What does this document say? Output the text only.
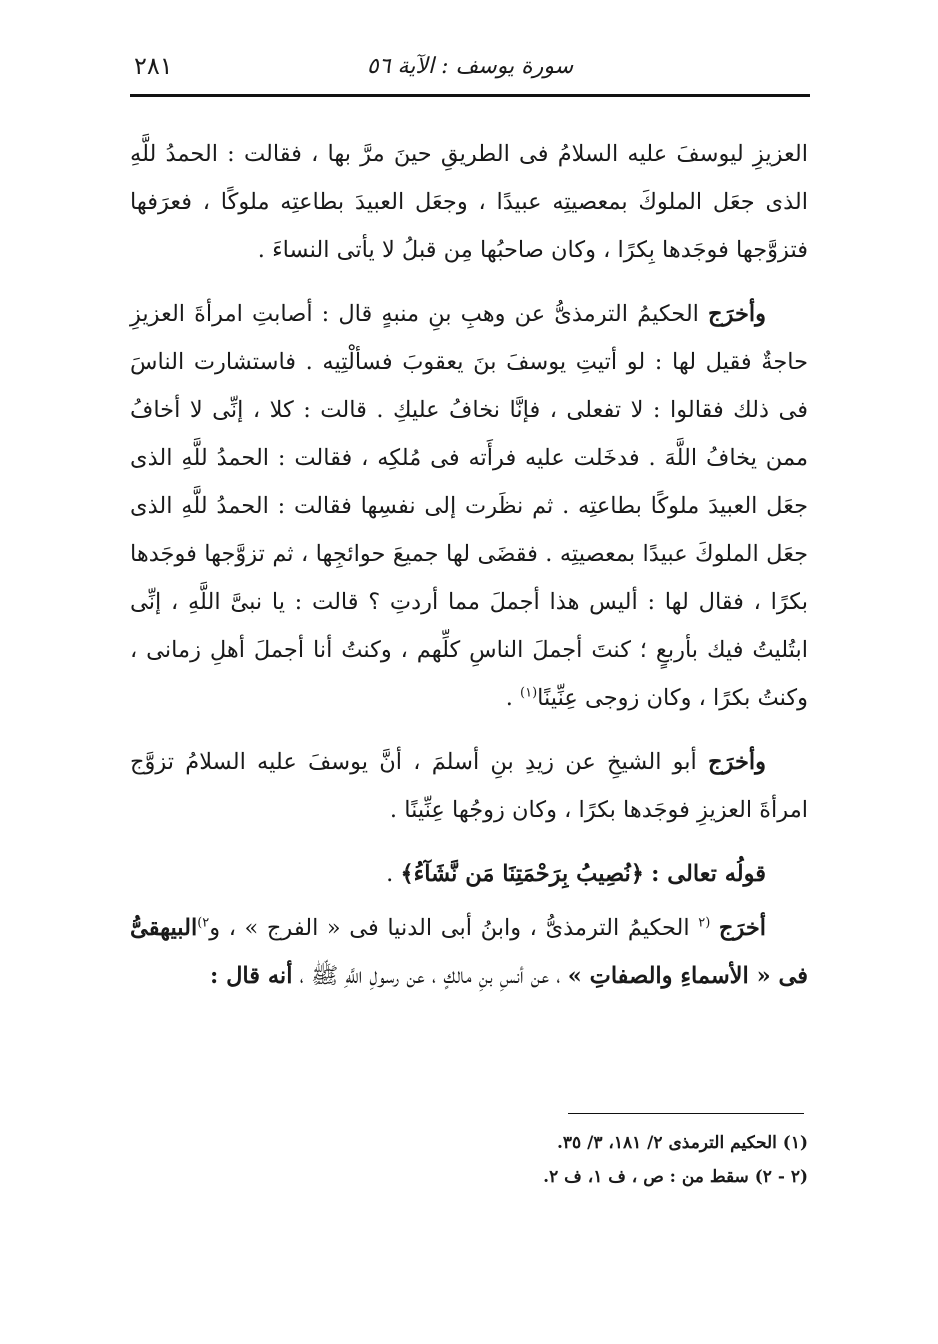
سورة يوسف : الآية ٥٦
٢٨١

العزيزِ ليوسفَ عليه السلامُ فى الطريقِ حينَ مرَّ بها ، فقالت : الحمدُ للَّهِ الذى جعَل الملوكَ بمعصيتِه عبيدًا ، وجعَل العبيدَ بطاعتِه ملوكًا ، فعرَفها فتزوَّجها فوجَدها بِكرًا ، وكان صاحبُها مِن قبلُ لا يأتى النساءَ .

وأخرَج الحكيمُ الترمذىُّ عن وهبِ بنِ منبهٍ قال : أصابتِ امرأةَ العزيزِ حاجةٌ فقيل لها : لو أتيتِ يوسفَ بنَ يعقوبَ فسألْتِيه . فاستشارت الناسَ فى ذلك فقالوا : لا تفعلى ، فإنَّا نخافُ عليكِ . قالت : كلا ، إنِّى لا أخافُ ممن يخافُ اللَّهَ . فدخَلت عليه فرأَته فى مُلكِه ، فقالت : الحمدُ للَّهِ الذى جعَل العبيدَ ملوكًا بطاعتِه . ثم نظَرت إلى نفسِها فقالت : الحمدُ للَّهِ الذى جعَل الملوكَ عبيدًا بمعصيتِه . فقضَى لها جميعَ حوائجِها ، ثم تزوَّجها فوجَدها بكرًا ، فقال لها : أليس هذا أجملَ مما أردتِ ؟ قالت : يا نبىَّ اللَّهِ ، إنِّى ابتُليتُ فيك بأربعٍ ؛ كنتَ أجملَ الناسِ كلِّهم ، وكنتُ أنا أجملَ أهلِ زمانى ، وكنتُ بكرًا ، وكان زوجى عِنِّينًا$^{(١)}$ .

وأخرَج أبو الشيخِ عن زيدِ بنِ أسلمَ ، أنَّ يوسفَ عليه السلامُ تزوَّج امرأةَ العزيزِ فوجَدها بكرًا ، وكان زوجُها عِنِّينًا .

قولُه تعالى : ﴿نُصِيبُ بِرَحْمَتِنَا مَن نَّشَآءُ﴾ .

أخرَج $^{(٢}$ الحكيمُ الترمذىُّ ، وابنُ أبى الدنيا فى « الفرج » ، و$^{٢)}$البيهقىُّ فى « الأسماءِ والصفاتِ » ، عن أنسِ بنِ مالكٍ ، عن رسولِ اللَّهِ ﷺ ، أنه قال :

(١) الحكيم الترمذى ٢/ ١٨١، ٣/ ٣٥.

(٢ - ٢) سقط من : ص ، ف ١، ف ٢.
